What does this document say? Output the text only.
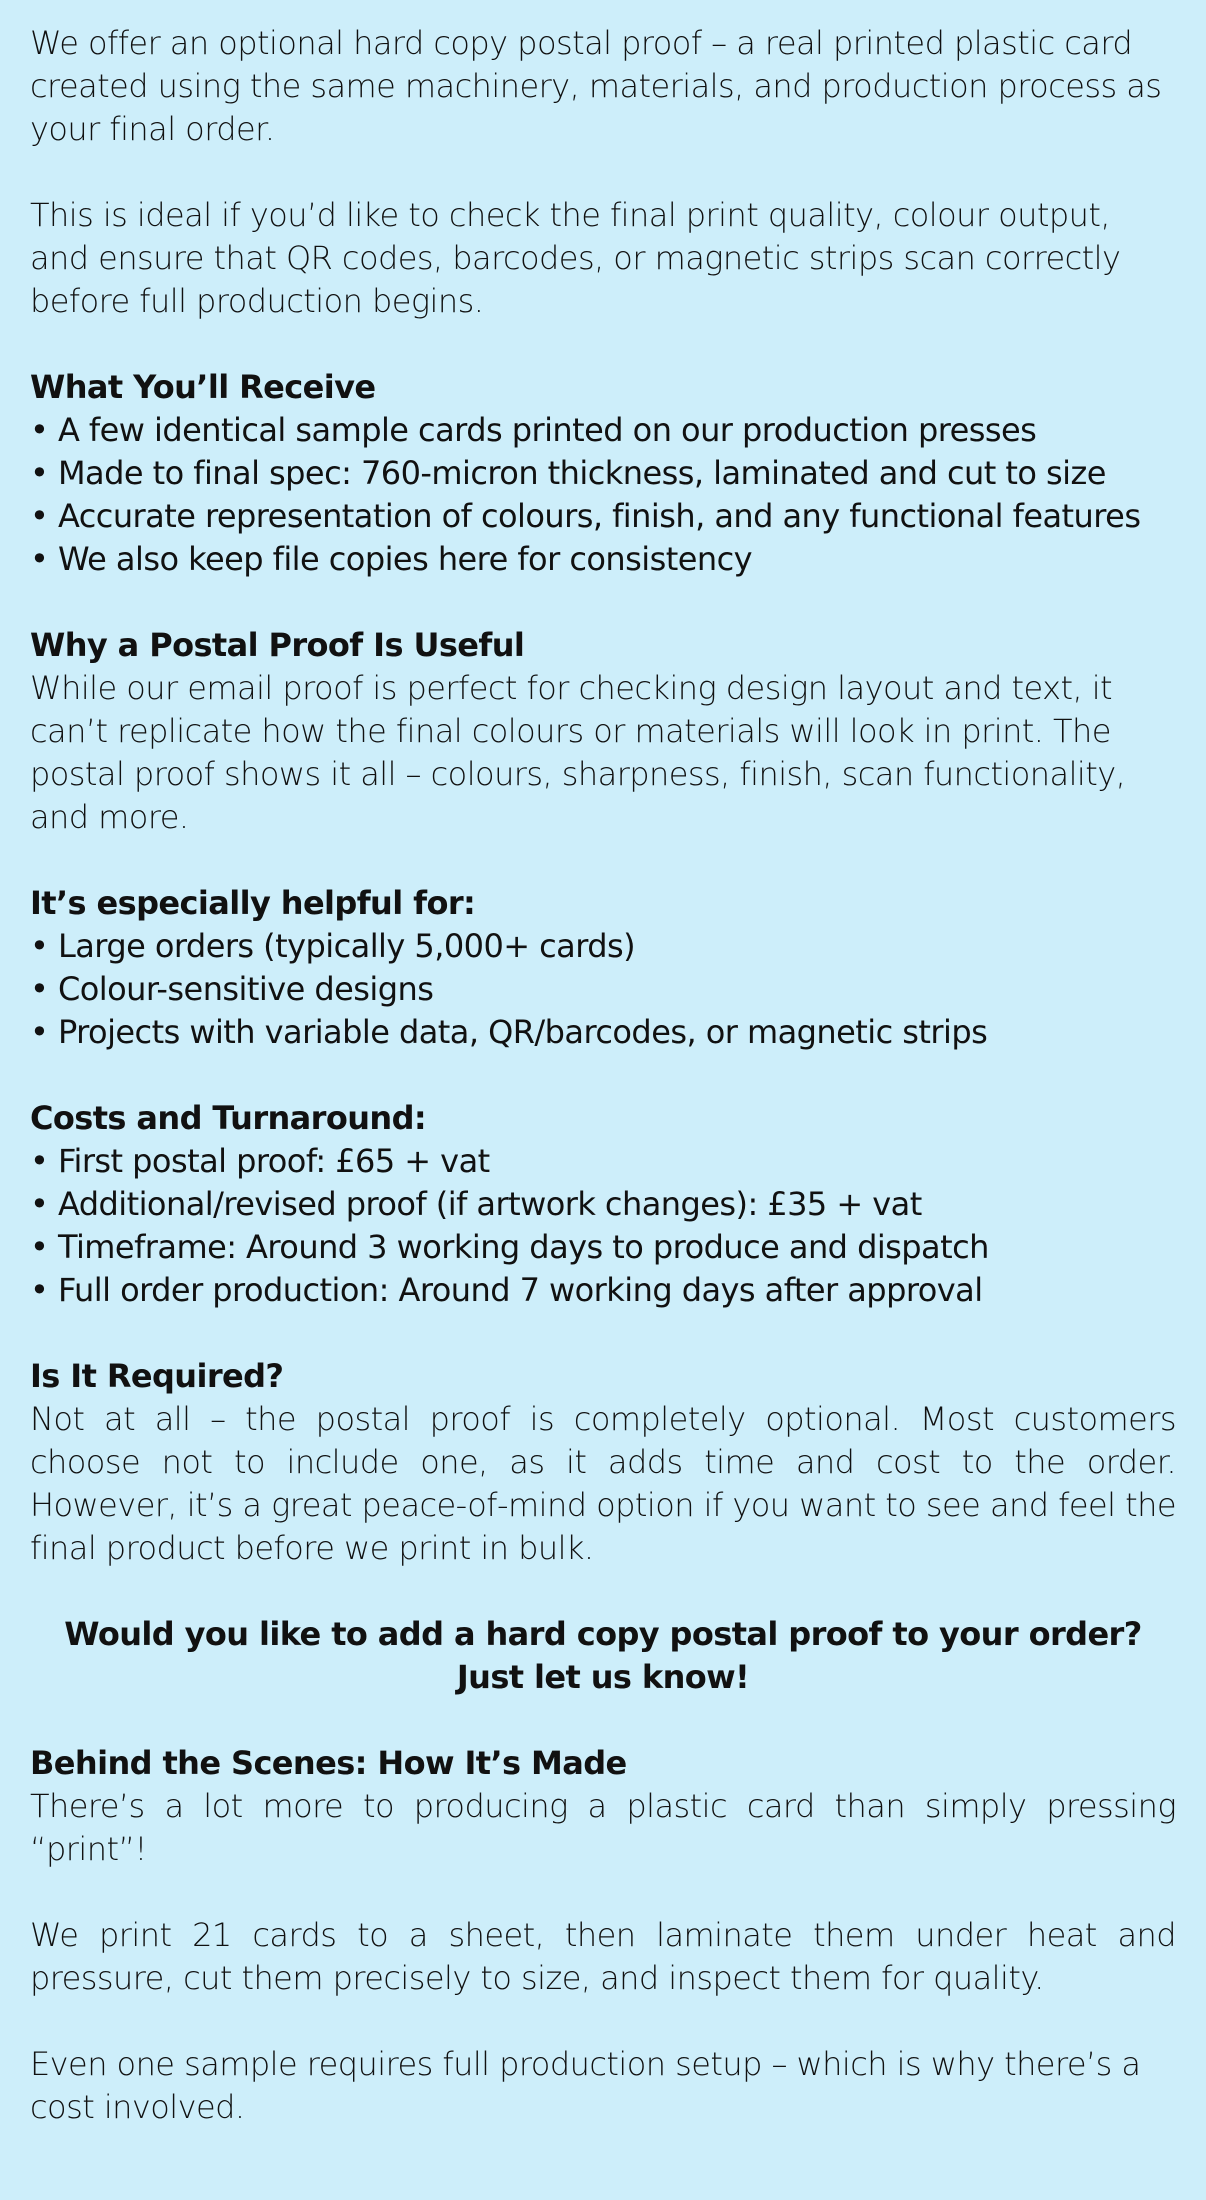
We offer an optional hard copy postal proof – a real printed plastic card created using the same machinery, materials, and production process as your final order.

This is ideal if you’d like to check the final print quality, colour output, and ensure that QR codes, barcodes, or magnetic strips scan correctly before full production begins.

What You’ll Receive
• A few identical sample cards printed on our production presses
• Made to final spec: 760-micron thickness, laminated and cut to size
• Accurate representation of colours, finish, and any functional features
• We also keep file copies here for consistency
Why a Postal Proof Is Useful

While our email proof is perfect for checking design layout and text, it can’t replicate how the final colours or materials will look in print. The postal proof shows it all – colours, sharpness, finish, scan functionality, and more.

It’s especially helpful for:
• Large orders (typically 5,000+ cards)
• Colour-sensitive designs
• Projects with variable data, QR/barcodes, or magnetic strips
Costs and Turnaround:
• First postal proof: £65 + vat
• Additional/revised proof (if artwork changes): £35 + vat
• Timeframe: Around 3 working days to produce and dispatch
• Full order production: Around 7 working days after approval
Is It Required?

Not at all – the postal proof is completely optional. Most customers choose not to include one, as it adds time and cost to the order. However, it’s a great peace-of-mind option if you want to see and feel the final product before we print in bulk.

Would you like to add a hard copy postal proof to your order?
Just let us know!
Behind the Scenes: How It’s Made

There’s a lot more to producing a plastic card than simply pressing “print”!

We print 21 cards to a sheet, then laminate them under heat and pressure, cut them precisely to size, and inspect them for quality.

Even one sample requires full production setup – which is why there’s a cost involved.
